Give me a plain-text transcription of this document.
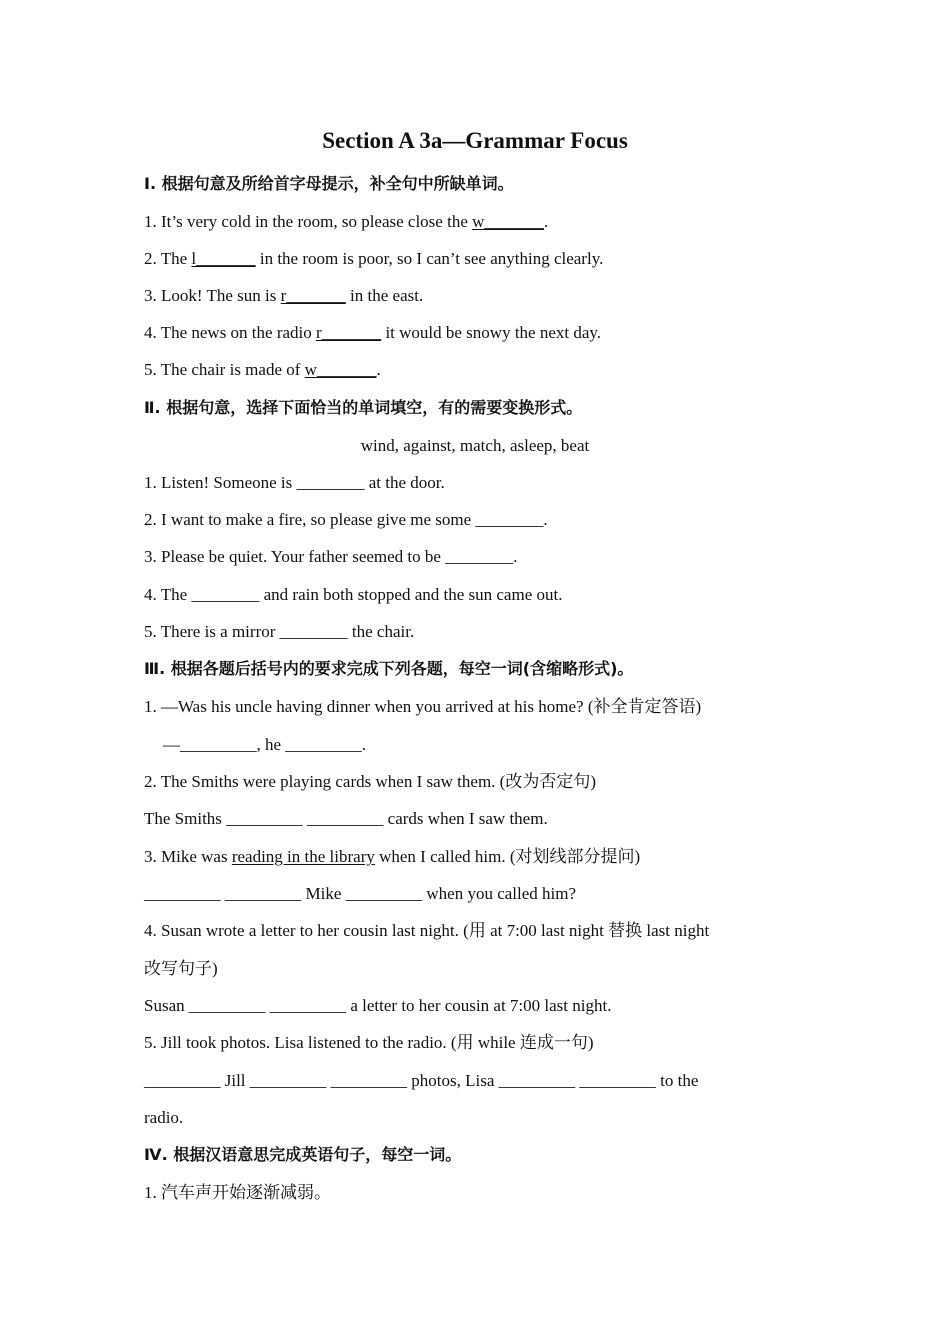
Section A 3a—Grammar Focus
Ⅰ. 根据句意及所给首字母提示，补全句中所缺单词。
1. It’s very cold in the room, so please close the w_______.
2. The l_______ in the room is poor, so I can’t see anything clearly.
3. Look! The sun is r_______ in the east.
4. The news on the radio r_______ it would be snowy the next day.
5. The chair is made of w_______.
Ⅱ. 根据句意，选择下面恰当的单词填空，有的需要变换形式。
wind, against, match, asleep, beat
1. Listen! Someone is ________ at the door.
2. I want to make a fire, so please give me some ________.
3. Please be quiet. Your father seemed to be ________.
4. The ________ and rain both stopped and the sun came out.
5. There is a mirror ________ the chair.
Ⅲ. 根据各题后括号内的要求完成下列各题，每空一词(含缩略形式)。
1. —Was his uncle having dinner when you arrived at his home? (补全肯定答语)
—_________, he _________.
2. The Smiths were playing cards when I saw them. (改为否定句)
The Smiths _________ _________ cards when I saw them.
3. Mike was reading in the library when I called him. (对划线部分提问)
_________ _________ Mike _________ when you called him?
4. Susan wrote a letter to her cousin last night. (用 at 7:00 last night 替换 last night
改写句子)
Susan _________ _________ a letter to her cousin at 7:00 last night.
5. Jill took photos. Lisa listened to the radio. (用 while 连成一句)
_________ Jill _________ _________ photos, Lisa _________ _________ to the
radio.
Ⅳ. 根据汉语意思完成英语句子，每空一词。
1. 汽车声开始逐渐减弱。
